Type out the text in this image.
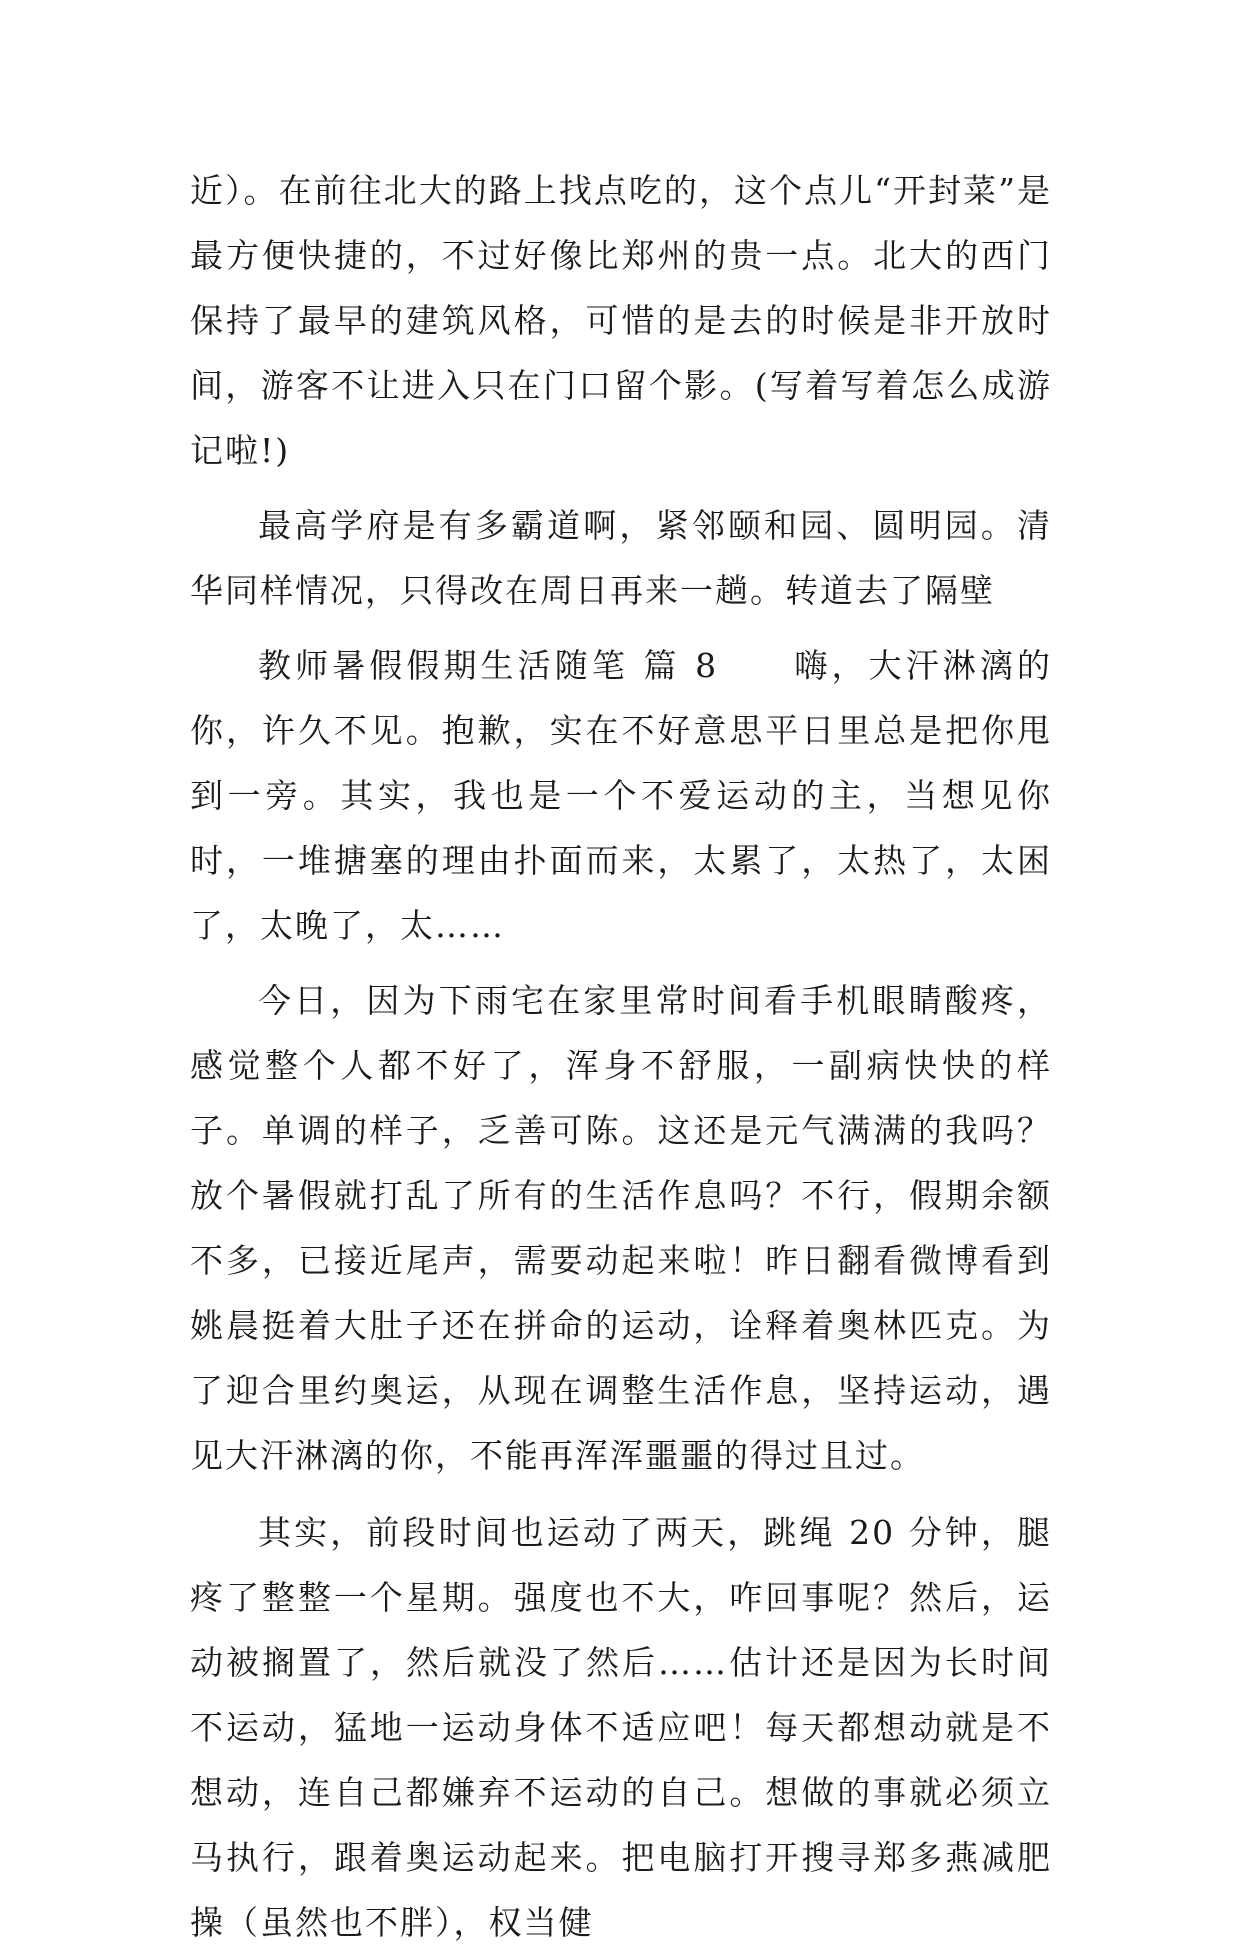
近）。在前往北大的路上找点吃的，这个点儿“开封菜”是最方便快捷的，不过好像比郑州的贵一点。北大的西门保持了最早的建筑风格，可惜的是去的时候是非开放时间，游客不让进入只在门口留个影。(写着写着怎么成游记啦!)

最高学府是有多霸道啊，紧邻颐和园、圆明园。清华同样情况，只得改在周日再来一趟。转道去了隔壁

教师暑假假期生活随笔 篇 8　　嗨，大汗淋漓的你，许久不见。抱歉，实在不好意思平日里总是把你甩到一旁。其实，我也是一个不爱运动的主，当想见你时，一堆搪塞的理由扑面而来，太累了，太热了，太困了，太晚了，太……

今日，因为下雨宅在家里常时间看手机眼睛酸疼，感觉整个人都不好了，浑身不舒服，一副病快快的样子。单调的样子，乏善可陈。这还是元气满满的我吗？放个暑假就打乱了所有的生活作息吗？不行，假期余额不多，已接近尾声，需要动起来啦！昨日翻看微博看到姚晨挺着大肚子还在拼命的运动，诠释着奥林匹克。为了迎合里约奥运，从现在调整生活作息，坚持运动，遇见大汗淋漓的你，不能再浑浑噩噩的得过且过。

其实，前段时间也运动了两天，跳绳 20 分钟，腿疼了整整一个星期。强度也不大，咋回事呢？然后，运动被搁置了，然后就没了然后……估计还是因为长时间不运动，猛地一运动身体不适应吧！每天都想动就是不想动，连自己都嫌弃不运动的自己。想做的事就必须立马执行，跟着奥运动起来。把电脑打开搜寻郑多燕减肥操（虽然也不胖），权当健
